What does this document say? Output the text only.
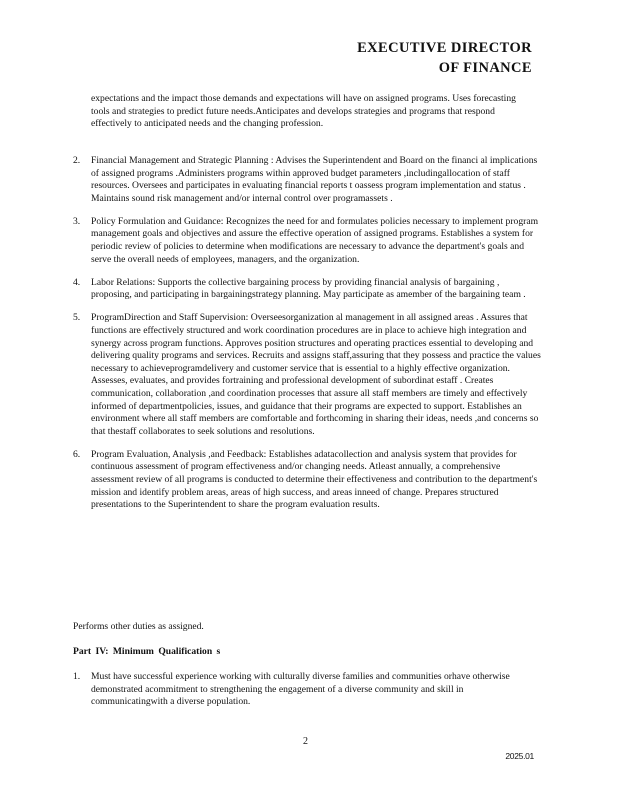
EXECUTIVE DIRECTOR
OF FINANCE
expectations and the impact those demands and expectations will have on assigned programs. Uses forecasting tools and strategies to predict future needs.Anticipates and develops strategies and programs that respond effectively to anticipated needs and the changing profession.
2. Financial Management and Strategic Planning : Advises the Superintendent and Board on the financi al implications of assigned programs .Administers programs within approved budget parameters ,includingallocation of staff resources. Oversees and participates in evaluating financial reports t oassess program implementation and status . Maintains sound risk management and/or internal control over programassets .
3. Policy Formulation and Guidance: Recognizes the need for and formulates policies necessary to implement program management goals and objectives and assure the effective operation of assigned programs. Establishes a system for periodic review of policies to determine when modifications are necessary to advance the department's goals and serve the overall needs of employees, managers, and the organization.
4. Labor Relations: Supports the collective bargaining process by providing financial analysis of bargaining , proposing, and participating in bargainingstrategy planning. May participate as amember of the bargaining team .
5. ProgramDirection and Staff Supervision: Overseesorganization al management in all assigned areas . Assures that functions are effectively structured and work coordination procedures are in place to achieve high integration and synergy across program functions. Approves position structures and operating practices essential to developing and delivering quality programs and services. Recruits and assigns staff,assuring that they possess and practice the values necessary to achieveprogramdelivery and customer service that is essential to a highly effective organization. Assesses, evaluates, and provides fortraining and professional development of subordinat estaff . Creates communication, collaboration ,and coordination processes that assure all staff members are timely and effectively informed of departmentpolicies, issues, and guidance that their programs are expected to support. Establishes an environment where all staff members are comfortable and forthcoming in sharing their ideas, needs ,and concerns so that thestaff collaborates to seek solutions and resolutions.
6. Program Evaluation, Analysis ,and Feedback: Establishes adatacollection and analysis system that provides for continuous assessment of program effectiveness and/or changing needs. Atleast annually, a comprehensive assessment review of all programs is conducted to determine their effectiveness and contribution to the department's mission and identify problem areas, areas of high success, and areas inneed of change. Prepares structured presentations to the Superintendent to share the program evaluation results.
Performs other duties as assigned.
Part IV: Minimum Qualification s
1. Must have successful experience working with culturally diverse families and communities orhave otherwise demonstrated acommitment to strengthening the engagement of a diverse community and skill in communicatingwith a diverse population.
2
2025.01
